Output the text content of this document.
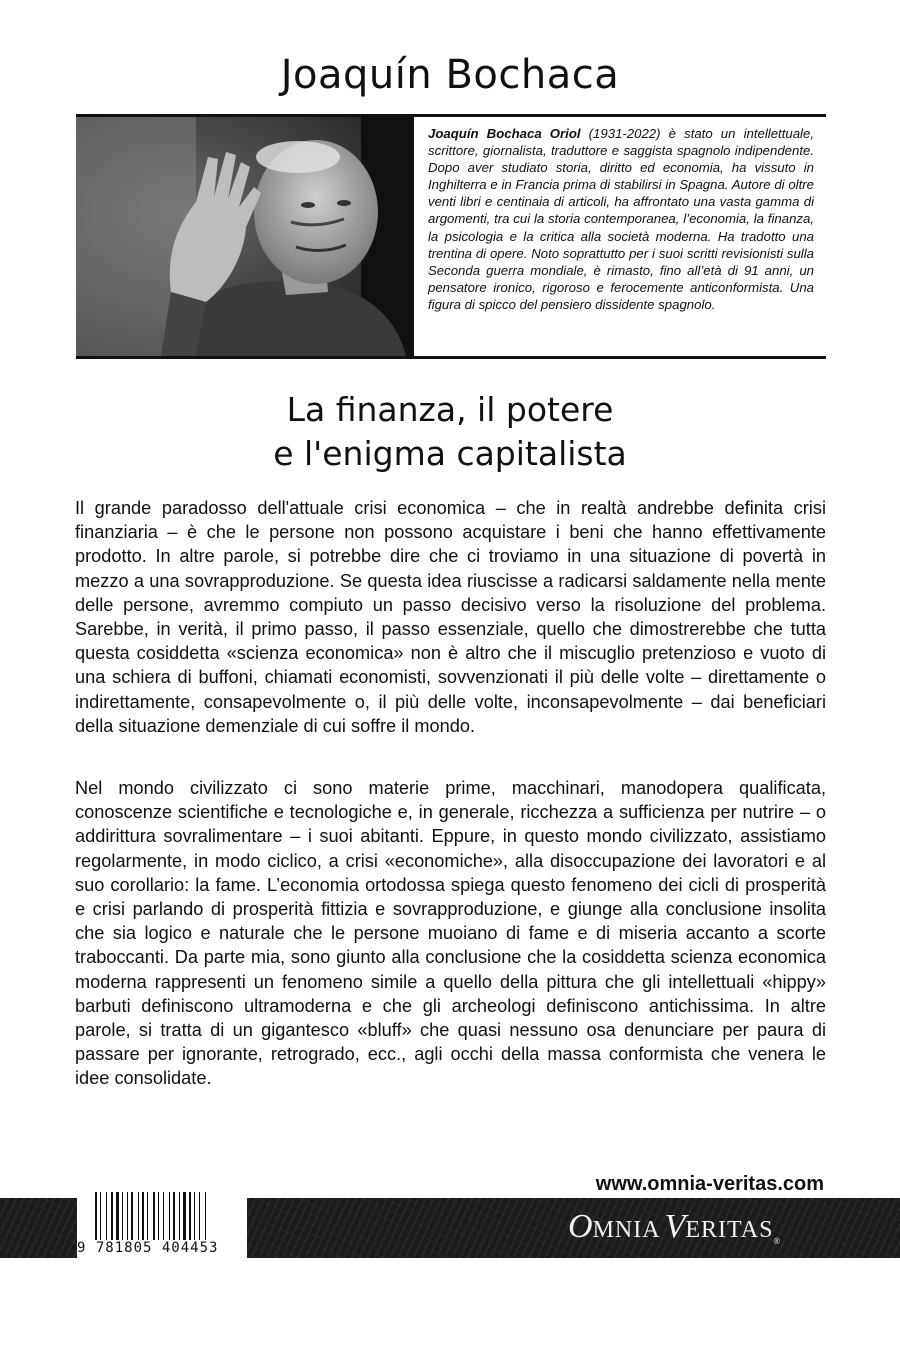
Joaquín Bochaca
Joaquín Bochaca Oriol (1931-2022) è stato un intellettuale, scrittore, giornalista, traduttore e saggista spagnolo indipendente. Dopo aver studiato storia, diritto ed economia, ha vissuto in Inghilterra e in Francia prima di stabilirsi in Spagna. Autore di oltre venti libri e centinaia di articoli, ha affrontato una vasta gamma di argomenti, tra cui la storia contemporanea, l’economia, la finanza, la psicologia e la critica alla società moderna. Ha tradotto una trentina di opere. Noto soprattutto per i suoi scritti revisionisti sulla Seconda guerra mondiale, è rimasto, fino all’età di 91 anni, un pensatore ironico, rigoroso e ferocemente anticonformista. Una figura di spicco del pensiero dissidente spagnolo.
La finanza, il potere
e l'enigma capitalista

Il grande paradosso dell'attuale crisi economica – che in realtà andrebbe definita crisi finanziaria – è che le persone non possono acquistare i beni che hanno effettivamente prodotto. In altre parole, si potrebbe dire che ci troviamo in una situazione di povertà in mezzo a una sovrapproduzione. Se questa idea riuscisse a radicarsi saldamente nella mente delle persone, avremmo compiuto un passo decisivo verso la risoluzione del problema. Sarebbe, in verità, il primo passo, il passo essenziale, quello che dimostrerebbe che tutta questa cosiddetta «scienza economica» non è altro che il miscuglio pretenzioso e vuoto di una schiera di buffoni, chiamati economisti, sovvenzionati il più delle volte – direttamente o indirettamente, consapevolmente o, il più delle volte, inconsapevolmente – dai beneficiari della situazione demenziale di cui soffre il mondo.

Nel mondo civilizzato ci sono materie prime, macchinari, manodopera qualificata, conoscenze scientifiche e tecnologiche e, in generale, ricchezza a sufficienza per nutrire – o addirittura sovralimentare – i suoi abitanti. Eppure, in questo mondo civilizzato, assistiamo regolarmente, in modo ciclico, a crisi «economiche», alla disoccupazione dei lavoratori e al suo corollario: la fame. L’economia ortodossa spiega questo fenomeno dei cicli di prosperità e crisi parlando di prosperità fittizia e sovrapproduzione, e giunge alla conclusione insolita che sia logico e naturale che le persone muoiano di fame e di miseria accanto a scorte traboccanti. Da parte mia, sono giunto alla conclusione che la cosiddetta scienza economica moderna rappresenti un fenomeno simile a quello della pittura che gli intellettuali «hippy» barbuti definiscono ultramoderna e che gli archeologi definiscono antichissima. In altre parole, si tratta di un gigantesco «bluff» che quasi nessuno osa denunciare per paura di passare per ignorante, retrogrado, ecc., agli occhi della massa conformista che venera le idee consolidate.

www.omnia-veritas.com
9 781805 404453
OMNIA VERITAS®
